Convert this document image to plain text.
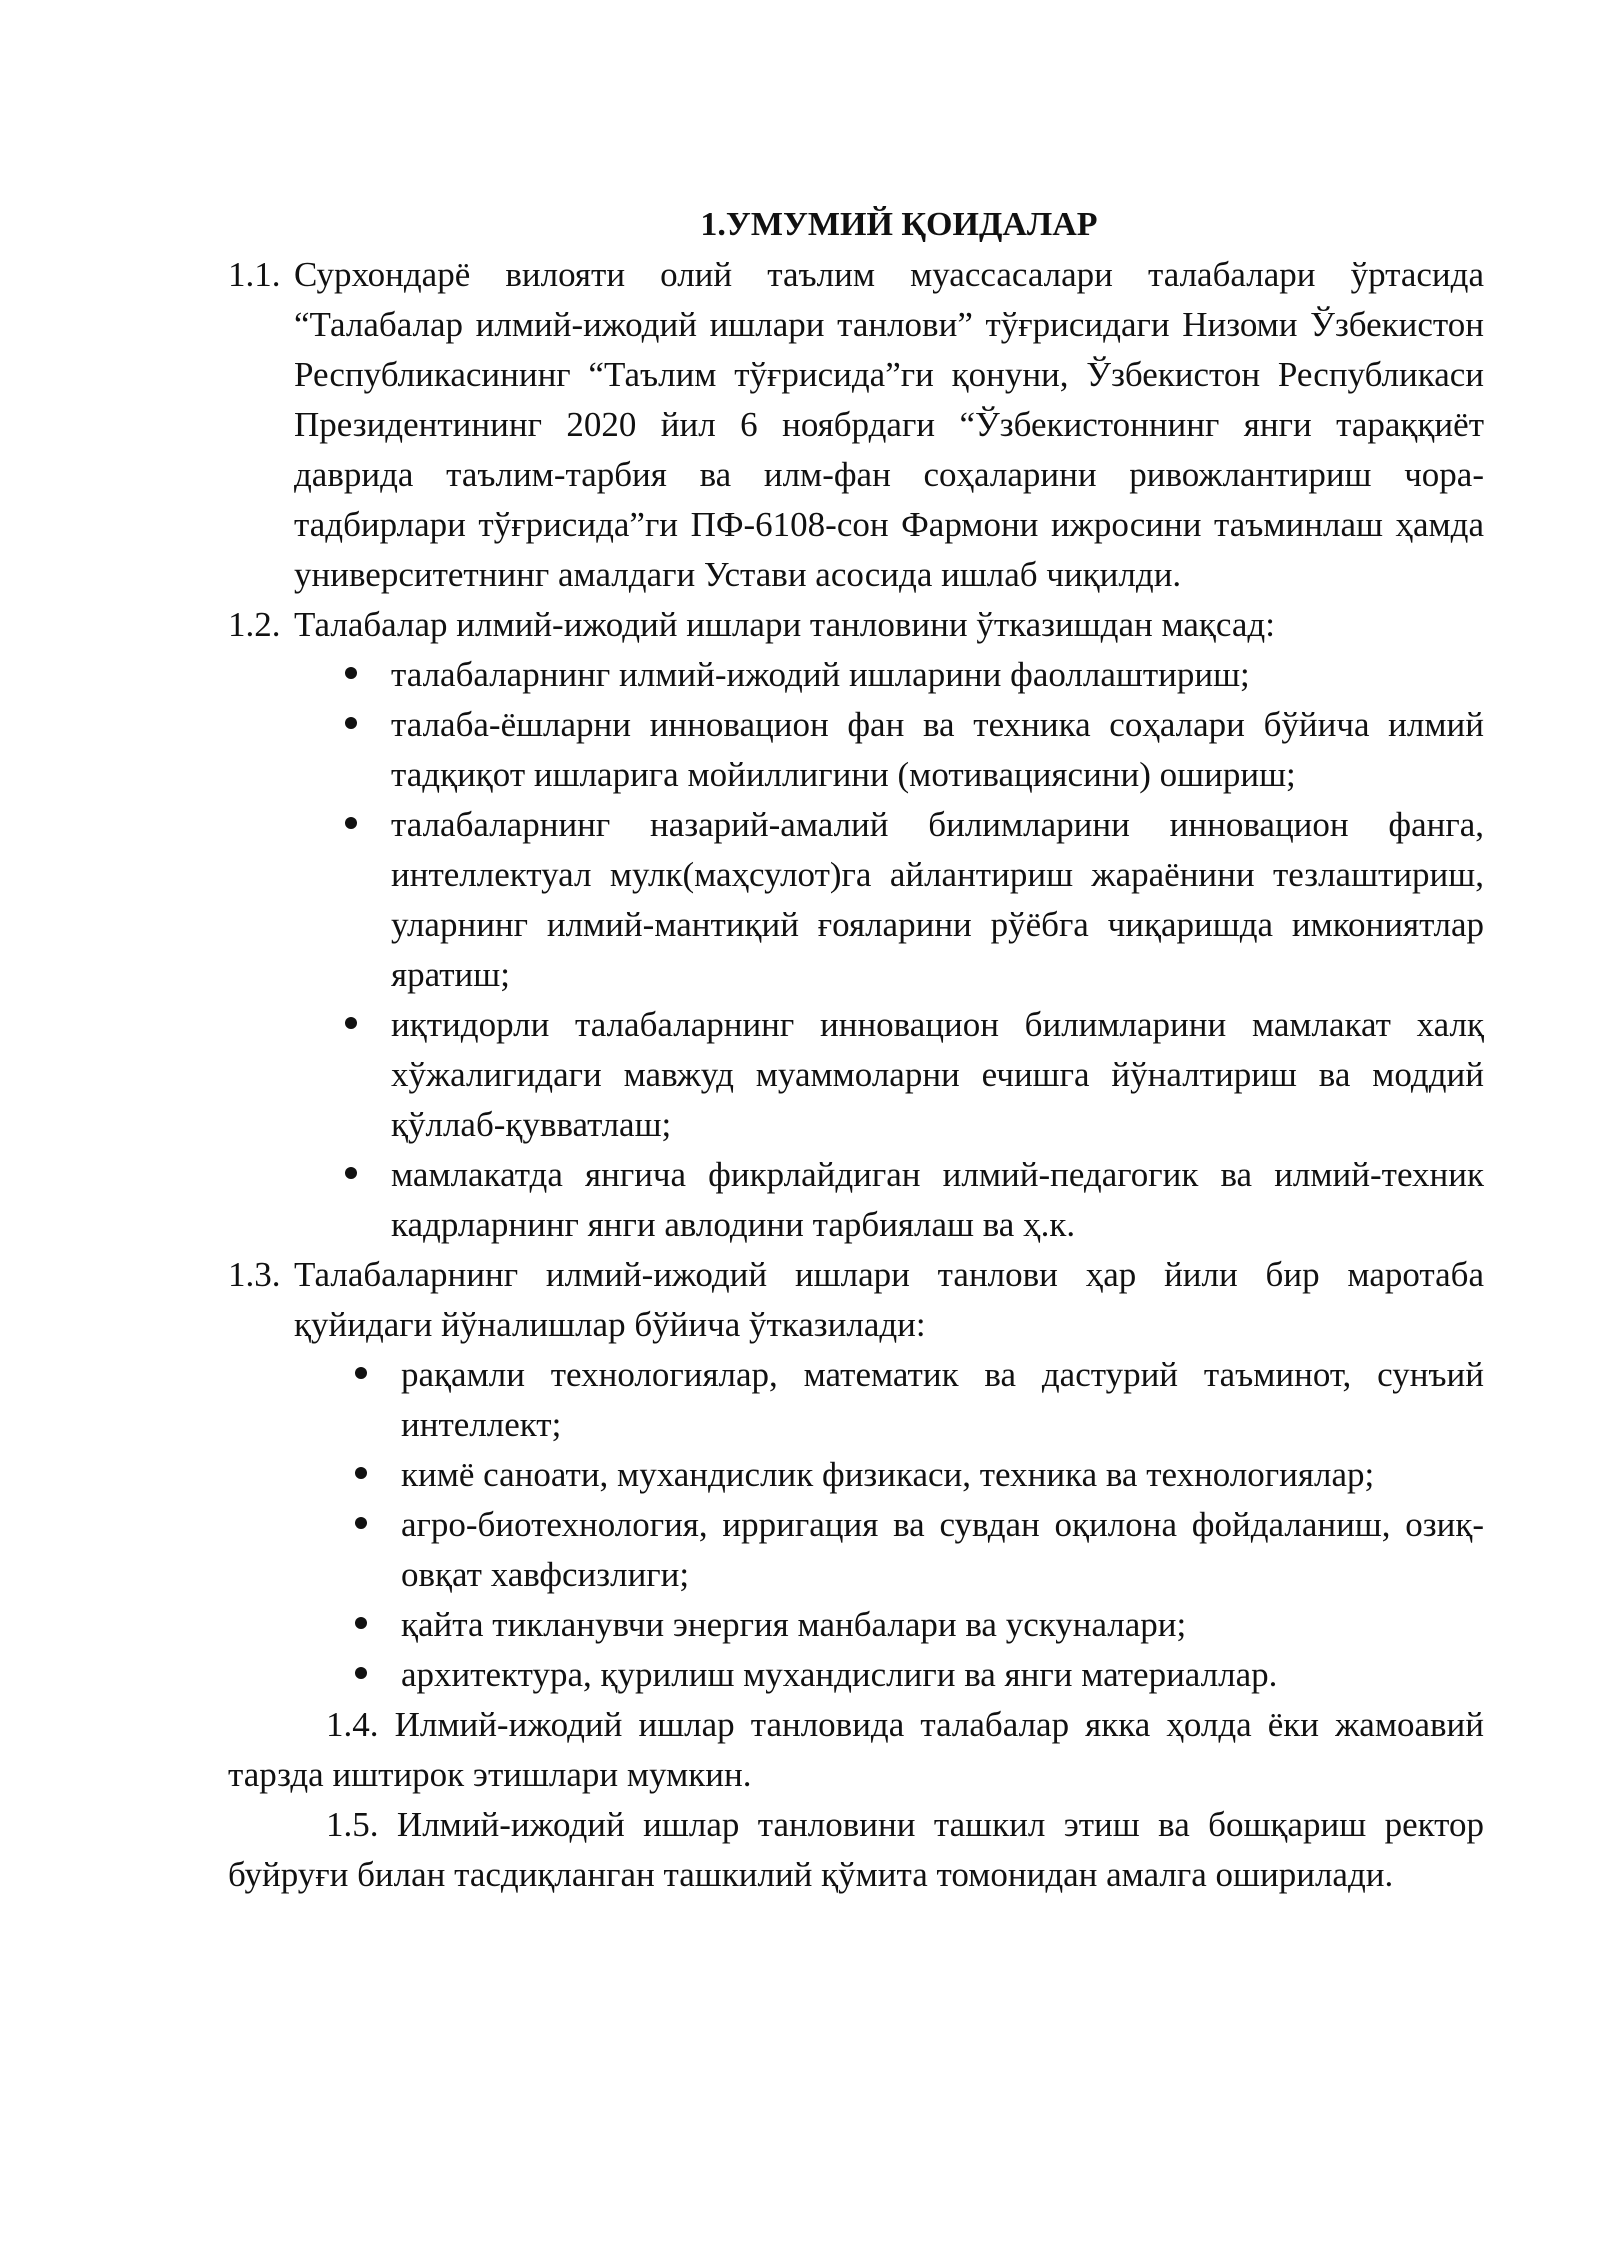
1.УМУМИЙ ҚОИДАЛАР
1.1. Сурхондарё вилояти олий таълим муассасалари талабалари ўртасида “Талабалар илмий-ижодий ишлари танлови” тўғрисидаги Низоми Ўзбекистон Республикасининг “Таълим тўғрисида”ги қонуни, Ўзбекистон Республикаси Президентининг 2020 йил 6 ноябрдаги “Ўзбекистоннинг янги тараққиёт даврида таълим-тарбия ва илм-фан соҳаларини ривожлантириш чора-тадбирлари тўғрисида”ги ПФ-6108-сон Фармони ижросини таъминлаш ҳамда университетнинг амалдаги Устави асосида ишлаб чиқилди.
1.2. Талабалар илмий-ижодий ишлари танловини ўтказишдан мақсад:
талабаларнинг илмий-ижодий ишларини фаоллаштириш;
талаба-ёшларни инновацион фан ва техника соҳалари бўйича илмий тадқиқот ишларига мойиллигини (мотивациясини) ошириш;
талабаларнинг назарий-амалий билимларини инновацион фанга, интеллектуал мулк(маҳсулот)га айлантириш жараёнини тезлаштириш, уларнинг илмий-мантиқий ғояларини рўёбга чиқаришда имкониятлар яратиш;
иқтидорли талабаларнинг инновацион билимларини мамлакат халқ хўжалигидаги мавжуд муаммоларни ечишга йўналтириш ва моддий қўллаб-қувватлаш;
мамлакатда янгича фикрлайдиган илмий-педагогик ва илмий-техник кадрларнинг янги авлодини тарбиялаш ва ҳ.к.
1.3. Талабаларнинг илмий-ижодий ишлари танлови ҳар йили бир маротаба қуйидаги йўналишлар бўйича ўтказилади:
рақамли технологиялар, математик ва дастурий таъминот, сунъий интеллект;
кимё саноати, мухандислик физикаси, техника ва технологиялар;
агро-биотехнология, ирригация ва сувдан оқилона фойдаланиш, озиқ-овқат хавфсизлиги;
қайта тикланувчи энергия манбалари ва ускуналари;
архитектура, қурилиш мухандислиги ва янги материаллар.

1.4. Илмий-ижодий ишлар танловида талабалар якка ҳолда ёки жамоавий тарзда иштирок этишлари мумкин.

1.5. Илмий-ижодий ишлар танловини ташкил этиш ва бошқариш ректор буйруғи билан тасдиқланган ташкилий қўмита томонидан амалга оширилади.
